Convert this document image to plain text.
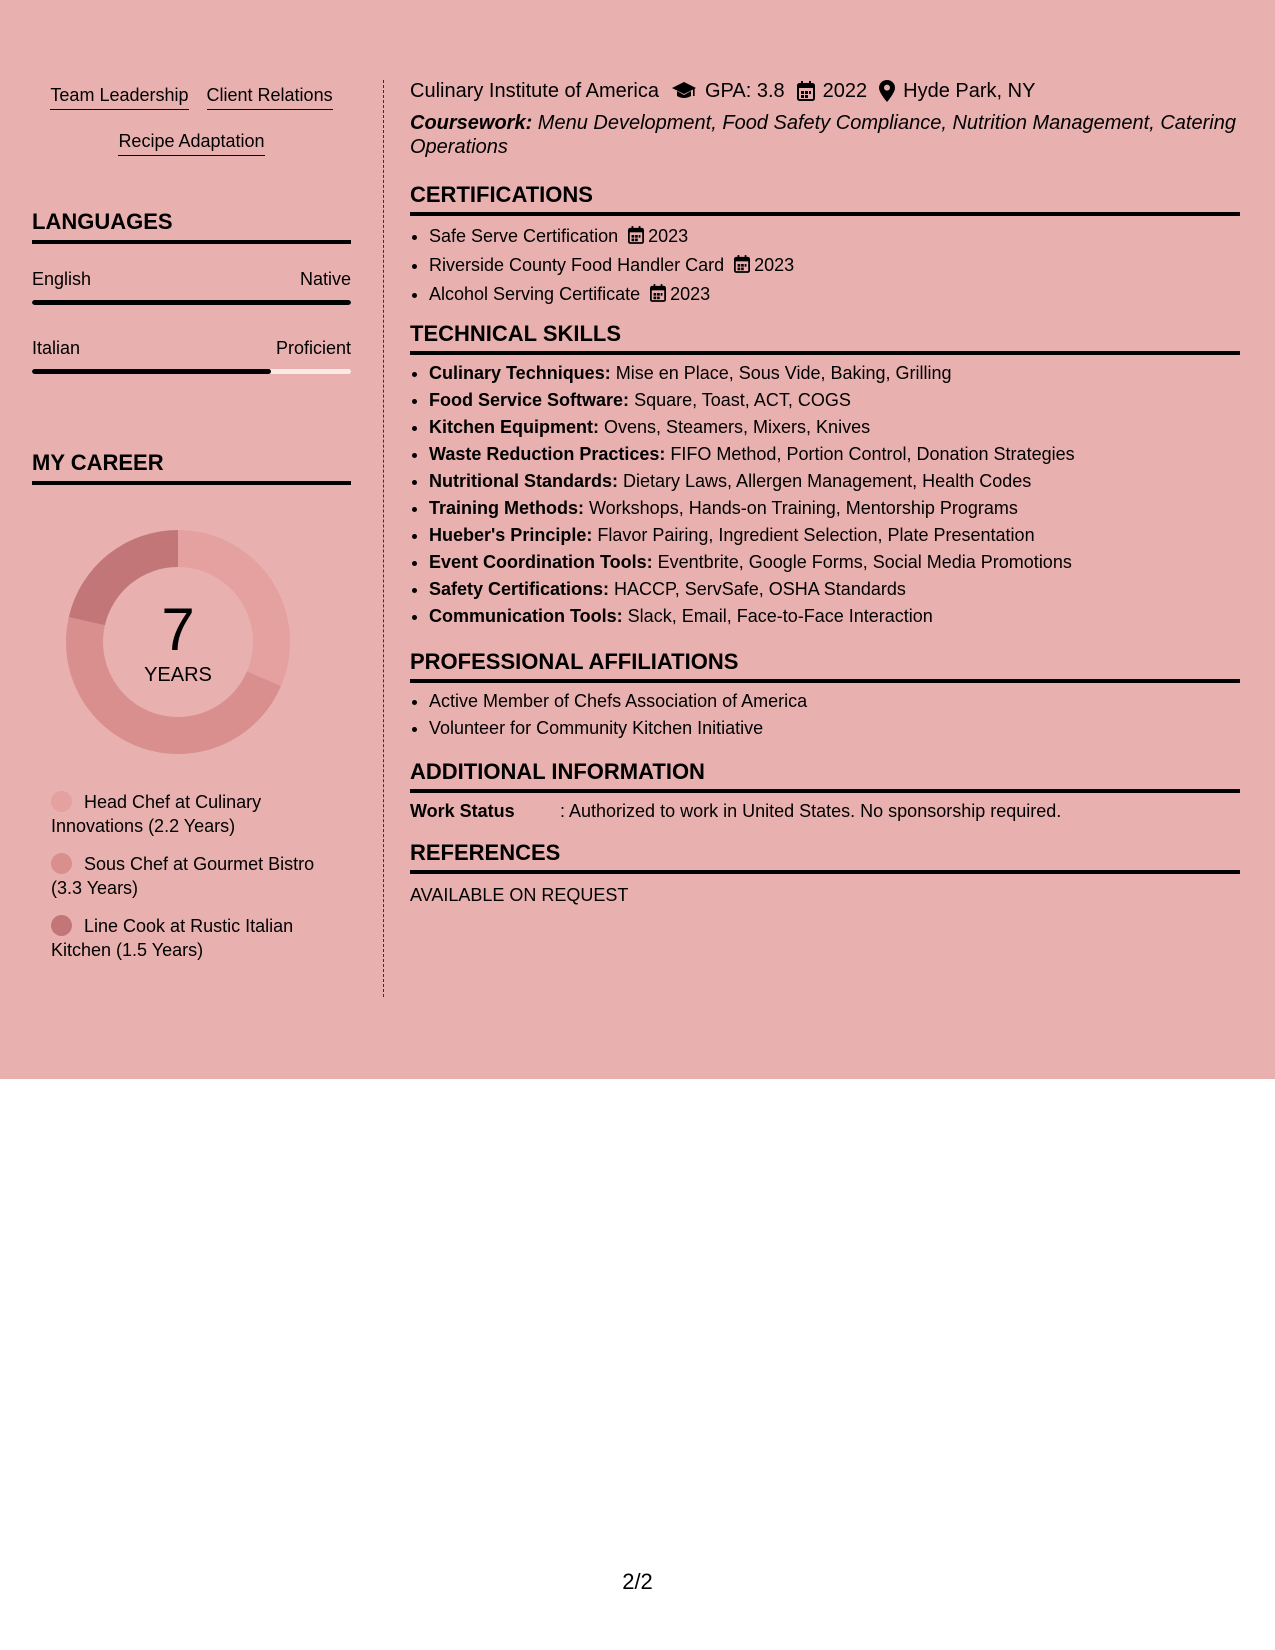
Team Leadership Client Relations
Recipe Adaptation
LANGUAGES
English	Native
Italian	Proficient
MY CAREER
7
YEARS
Head Chef at Culinary Innovations (2.2 Years)
Sous Chef at Gourmet Bistro (3.3 Years)
Line Cook at Rustic Italian Kitchen (1.5 Years)
Culinary Institute of America GPA: 3.8 2022 Hyde Park, NY
Coursework: Menu Development, Food Safety Compliance, Nutrition Management, Catering Operations
CERTIFICATIONS
• Safe Serve Certification 2023
• Riverside County Food Handler Card 2023
• Alcohol Serving Certificate 2023
TECHNICAL SKILLS
• Culinary Techniques: Mise en Place, Sous Vide, Baking, Grilling
• Food Service Software: Square, Toast, ACT, COGS
• Kitchen Equipment: Ovens, Steamers, Mixers, Knives
• Waste Reduction Practices: FIFO Method, Portion Control, Donation Strategies
• Nutritional Standards: Dietary Laws, Allergen Management, Health Codes
• Training Methods: Workshops, Hands-on Training, Mentorship Programs
• Hueber's Principle: Flavor Pairing, Ingredient Selection, Plate Presentation
• Event Coordination Tools: Eventbrite, Google Forms, Social Media Promotions
• Safety Certifications: HACCP, ServSafe, OSHA Standards
• Communication Tools: Slack, Email, Face-to-Face Interaction
PROFESSIONAL AFFILIATIONS
• Active Member of Chefs Association of America
• Volunteer for Community Kitchen Initiative
ADDITIONAL INFORMATION
Work Status	: Authorized to work in United States. No sponsorship required.
REFERENCES
AVAILABLE ON REQUEST
2/2
